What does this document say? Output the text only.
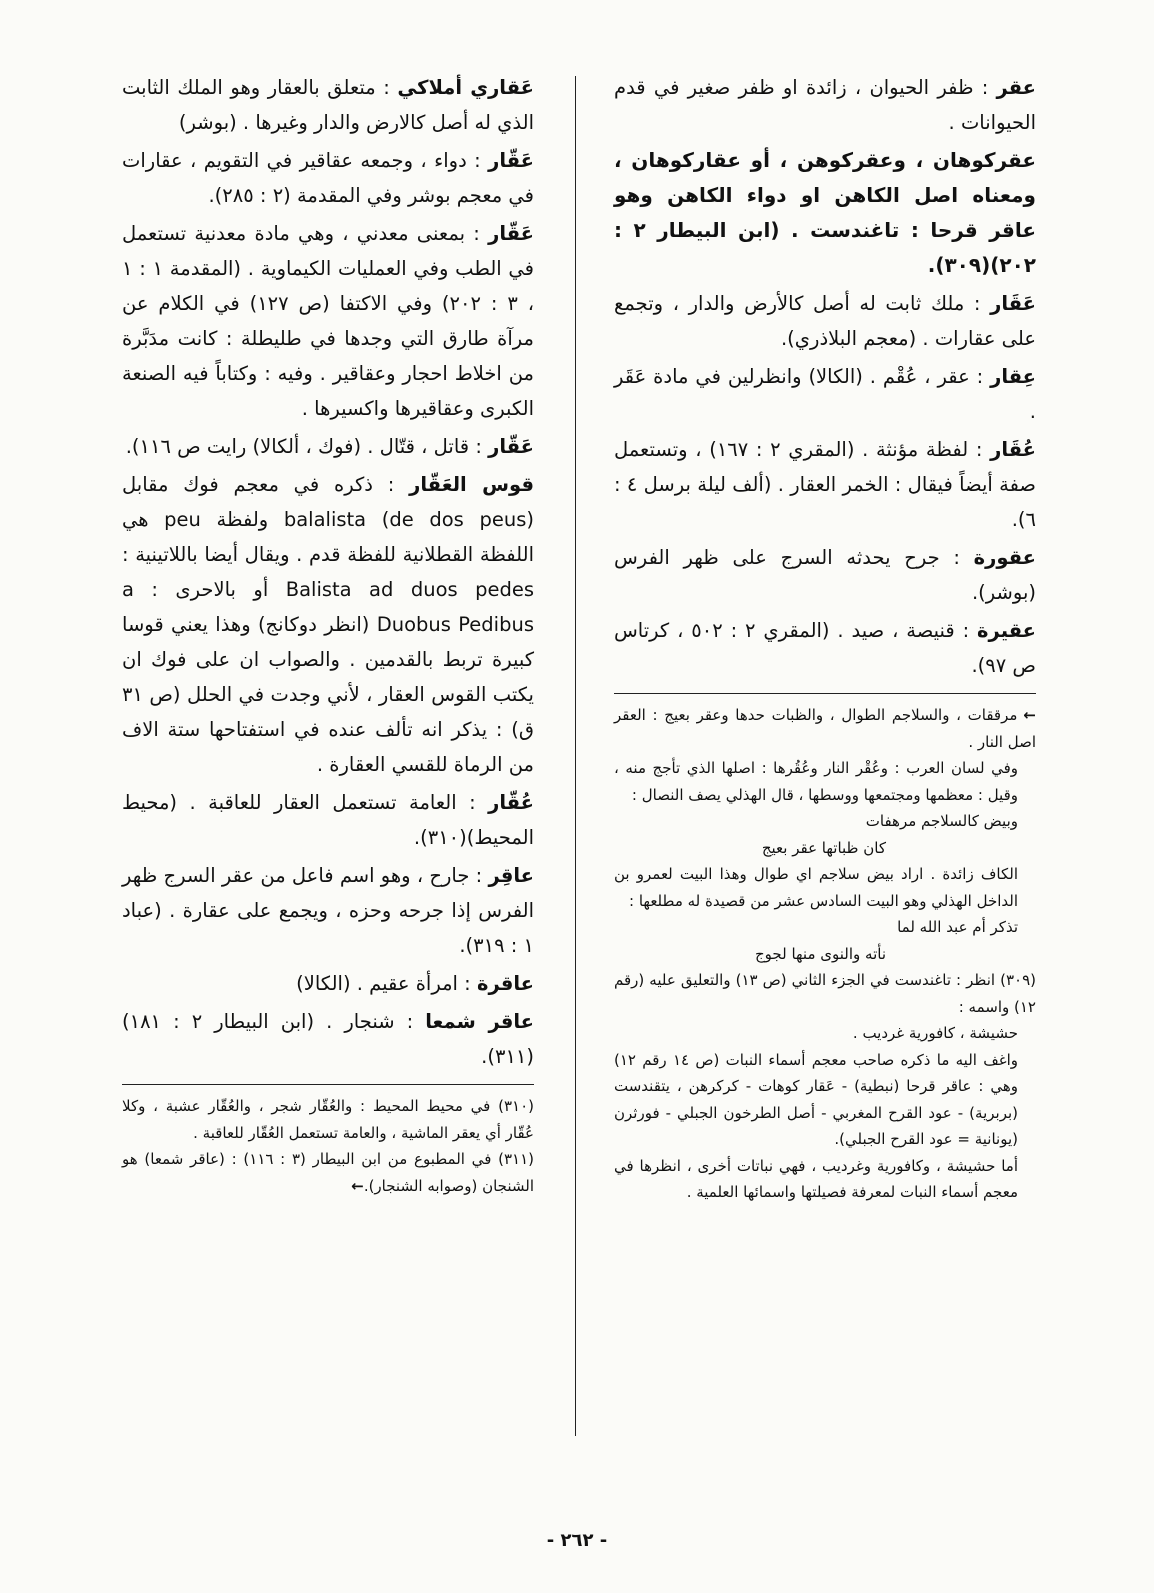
عقر : ظفر الحيوان ، زائدة او ظفر صغير في قدم الحيوانات .

عقركوهان ، وعقركوهن ، أو عقاركوهان ، ومعناه اصل الكاهن او دواء الكاهن وهو عاقر قرحا : تاغندست . (ابن البيطار ٢ : ٢٠٢)(٣٠٩).

عَقَار : ملك ثابت له أصل كالأرض والدار ، وتجمع على عقارات . (معجم البلاذري).

عِقار : عقر ، عُقْم . (الكالا) وانظرلين في مادة عَقَر .

عُقَار : لفظة مؤنثة . (المقري ٢ : ١٦٧) ، وتستعمل صفة أيضاً فيقال : الخمر العقار . (ألف ليلة برسل ٤ : ٦).

عقورة : جرح يحدثه السرج على ظهر الفرس (بوشر).

عقيرة : قنيصة ، صيد . (المقري ٢ : ٥٠٢ ، كرتاس ص ٩٧).

←مرققات ، والسلاجم الطوال ، والظبات حدها وعقر بعيج : العقر اصل النار .

وفي لسان العرب : وعُقْر النار وعُقُرها : اصلها الذي تأجج منه ، وقيل : معظمها ومجتمعها ووسطها ، قال الهذلي يصف النصال :

وبيض كالسلاجم مرهفات

كان ظباتها عقر بعيج

الكاف زائدة . اراد بيض سلاجم اي طوال وهذا البيت لعمرو بن الداخل الهذلي وهو البيت السادس عشر من قصيدة له مطلعها :

تذكر أم عبد الله لما

نأته والنوى منها لجوج

(٣٠٩) انظر : تاغندست في الجزء الثاني (ص ١٣) والتعليق عليه (رقم ١٢) واسمه :

حشيشة ، كافورية غرديب .

واغف اليه ما ذكره صاحب معجم أسماء النبات (ص ١٤ رقم ١٢) وهي : عاقر قرحا (نبطية) - عَقار كوهات - كركرهن ، يتقندست (بربرية) - عود القرح المغربي - أصل الطرخون الجبلي - فورثرن (يونانية = عود القرح الجبلي).

أما حشيشة ، وكافورية وغرديب ، فهي نباتات أخرى ، انظرها في معجم أسماء النبات لمعرفة فصيلتها واسمائها العلمية .

عَقاري أملاكي : متعلق بالعقار وهو الملك الثابت الذي له أصل كالارض والدار وغيرها . (بوشر)

عَقّار : دواء ، وجمعه عقاقير في التقويم ، عقارات في معجم بوشر وفي المقدمة (٢ : ٢٨٥).

عَقّار : بمعنى معدني ، وهي مادة معدنية تستعمل في الطب وفي العمليات الكيماوية . (المقدمة ١ : ١ ، ٣ : ٢٠٢) وفي الاكتفا (ص ١٢٧) في الكلام عن مرآة طارق التي وجدها في طليطلة : كانت مدَبَّرة من اخلاط احجار وعقاقير . وفيه : وكتاباً فيه الصنعة الكبرى وعقاقيرها واكسيرها .

عَقّار : قاتل ، قتّال . (فوك ، ألكالا) رايت ص ١١٦).

قوس العَقّار : ذكره في معجم فوك مقابل balalista (de dos peus) ولفظة peu هي اللفظة القطلانية للفظة قدم . ويقال أيضا باللاتينية : Balista ad duos pedes أو بالاحرى : a Duobus Pedibus (انظر دوكانج) وهذا يعني قوسا كبيرة تربط بالقدمين . والصواب ان على فوك ان يكتب القوس العقار ، لأني وجدت في الحلل (ص ٣١ ق) : يذكر انه تألف عنده في استفتاحها ستة الاف من الرماة للقسي العقارة .

عُقّار : العامة تستعمل العقار للعاقبة . (محيط المحيط)(٣١٠).

عاقِر : جارح ، وهو اسم فاعل من عقر السرج ظهر الفرس إذا جرحه وحزه ، ويجمع على عقارة . (عباد ١ : ٣١٩).

عاقرة : امرأة عقيم . (الكالا)

عاقر شمعا : شنجار . (ابن البيطار ٢ : ١٨١)(٣١١).

(٣١٠) في محيط المحيط : والعُقّار شجر ، والعُقّار عشبة ، وكلا عُقّار أي يعقر الماشية ، والعامة تستعمل العُقّار للعاقبة .

(٣١١) في المطبوع من ابن البيطار (٣ : ١١٦) : (عاقر شمعا) هو الشنجان (وصوابه الشنجار).←

- ٢٦٢ -
